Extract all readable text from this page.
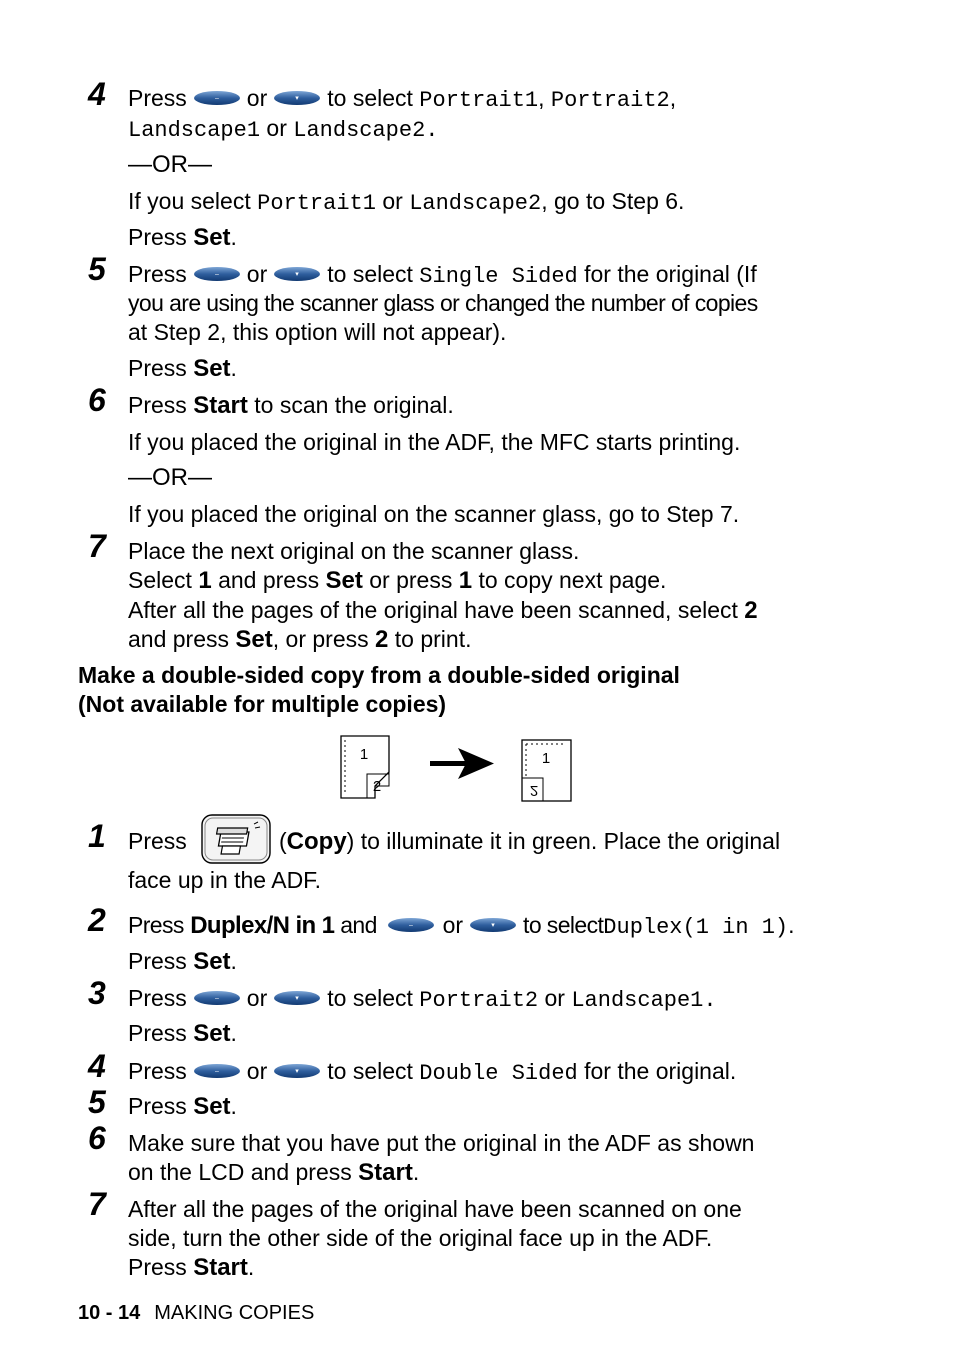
4 Press	– or	▾ to select Portrait1, Portrait2,
Landscape1 or Landscape2.
—OR—
If you select Portrait1 or Landscape2, go to Step 6.
Press Set.
5 Press	– or	▾ to select Single Sided for the original (If
you are using the scanner glass or changed the number of copies
at Step 2, this option will not appear).
Press Set.
6 Press Start to scan the original.
If you placed the original in the ADF, the MFC starts printing.
—OR—
If you placed the original on the scanner glass, go to Step 7.
7 Place the next original on the scanner glass.
Select 1 and press Set or press 1 to copy next page.
After all the pages of the original have been scanned, select 2
and press Set, or press 2 to print.
Make a double-sided copy from a double-sided original
(Not available for multiple copies)
1
2
1
2
1 Press	(Copy) to illuminate it in green. Place the original
face up in the ADF.
2 Press Duplex/N in 1 and	– or	▾ to selectDuplex(1 in 1).
Press Set.
3 Press	– or	▾ to select Portrait2 or Landscape1.
Press Set.
4 Press	– or	▾ to select Double Sided for the original.
5 Press Set.
6 Make sure that you have put the original in the ADF as shown
on the LCD and press Start.
7 After all the pages of the original have been scanned on one
side, turn the other side of the original face up in the ADF.
Press Start.
10 - 14 MAKING COPIES
